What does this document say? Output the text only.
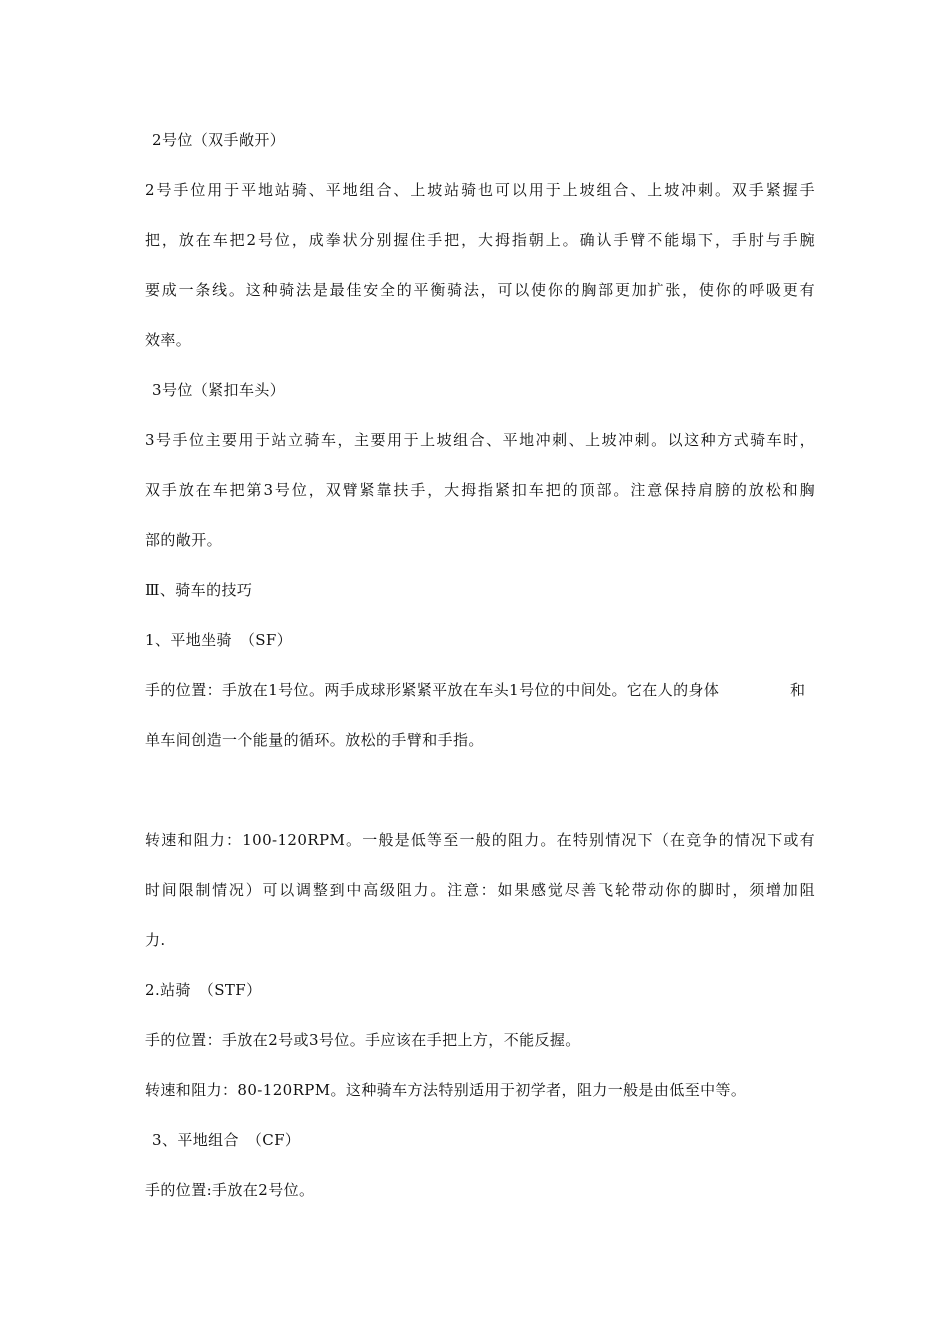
2号位（双手敞开）
2号手位用于平地站骑、平地组合、上坡站骑也可以用于上坡组合、上坡冲刺。双手紧握手
把，放在车把2号位，成拳状分别握住手把，大拇指朝上。确认手臂不能塌下，手肘与手腕
要成一条线。这种骑法是最佳安全的平衡骑法，可以使你的胸部更加扩张，使你的呼吸更有
效率。
3号位（紧扣车头）
3号手位主要用于站立骑车，主要用于上坡组合、平地冲刺、上坡冲刺。以这种方式骑车时，
双手放在车把第3号位，双臂紧靠扶手，大拇指紧扣车把的顶部。注意保持肩膀的放松和胸
部的敞开。
Ⅲ、骑车的技巧
1、平地坐骑　（SF）
手的位置：手放在1号位。两手成球形紧紧平放在车头1号位的中间处。它在人的身体	和
单车间创造一个能量的循环。放松的手臂和手指。
转速和阻力：100-120RPM。一般是低等至一般的阻力。在特别情况下（在竞争的情况下或有
时间限制情况）可以调整到中高级阻力。注意：如果感觉尽善飞轮带动你的脚时，须增加阻
力.
2.站骑　（STF）
手的位置：手放在2号或3号位。手应该在手把上方，不能反握。
转速和阻力：80-120RPM。这种骑车方法特别适用于初学者，阻力一般是由低至中等。
3、平地组合　（CF）
手的位置:手放在2号位。
